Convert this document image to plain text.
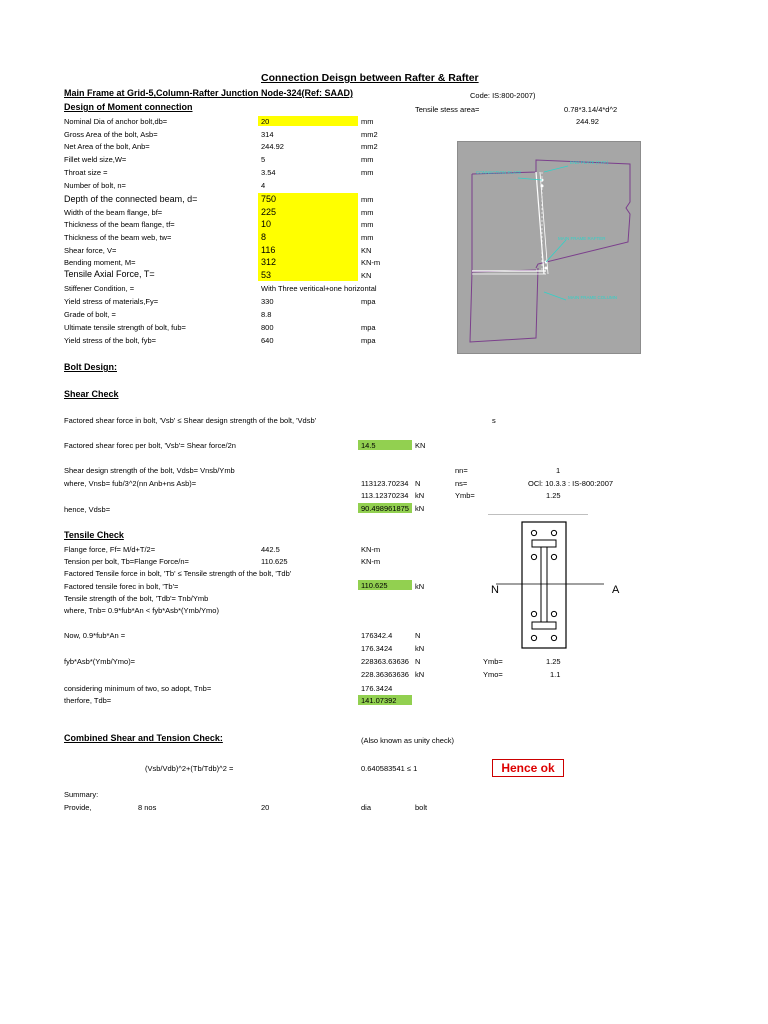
Connection Deisgn between Rafter & Rafter
Main Frame at Grid-5,Column-Rafter Junction Node-324(Ref: SAAD)	Code: IS:800-2007)
Design of Moment connection	Tensile stess area=	0.78*3.14/4*d^2
244.92
Nominal Dia of anchor bolt,db=	20	mm
Gross Area of the bolt, Asb=	314	mm2
Net Area of the bolt, Anb=	244.92	mm2
Fillet weld size,W=	5	mm
Throat size =	3.54	mm
Number of bolt, n=	4
Depth of the connected beam, d=	750	mm
Width of the beam flange, bf=	225	mm
Thickness of the beam flange, tf=	10	mm
Thickness of the beam web, tw=	8	mm
Shear force, V=	116	KN
Bending moment, M=	312	KN-m
Tensile Axial Force, T=	53	KN
Stiffener Condition, =	With Three veritical+one horizontal
Yield stress of materials,Fy=	330	mpa
Grade of bolt, =	8.8
Ultimate tensile strength of bolt, fub=	800	mpa
Yield stress of the bolt, fyb=	640	mpa
CONNECTION PLATE
END PLATE (TYP.)
MAIN FRAME RAFTER
MAIN FRAME COLUMN
Bolt Design:
Shear Check
Factored shear force in bolt, 'Vsb' ≤ Shear design strength of the bolt, 'Vdsb'	s
Factored shear forec per bolt, 'Vsb'= Shear force/2n	14.5	KN
Shear design strength of the bolt, Vdsb= Vnsb/Ymb	nn=	1
where, Vnsb= fub/3^2(nn Anb+ns Asb)=	113123.70234 N	ns=	OCl: 10.3.3 : IS-800:2007
113.12370234 kN	Ymb=	1.25
hence, Vdsb=	90.498961875 kN
Tensile Check
Flange force, Ff= M/d+T/2=	442.5	KN-m
Tension per bolt, Tb=Flange Force/n=	110.625	KN-m
Factored Tensile force in bolt, 'Tb' ≤ Tensile strength of the bolt, 'Tdb'
Factored tensile forec in bolt, 'Tb'=	110.625	kN
Tensile strength of the bolt, 'Tdb'= Tnb/Ymb
where, Tnb= 0.9*fub*An < fyb*Asb*(Ymb/Ymo)
Now, 0.9*fub*An =	176342.4	N
176.3424	kN
fyb*Asb*(Ymb/Ymo)=	228363.63636 N	Ymb=	1.25
228.36363636 kN	Ymo=	1.1
considering minimum of two, so adopt, Tnb=	176.3424
therfore, Tdb=	141.07392
N	A
Combined Shear and Tension Check:	(Also known as unity check)
(Vsb/Vdb)^2+(Tb/Tdb)^2 =	0.640583541 ≤ 1	Hence ok
Summary:
Provide,	8 nos	20	dia	bolt
